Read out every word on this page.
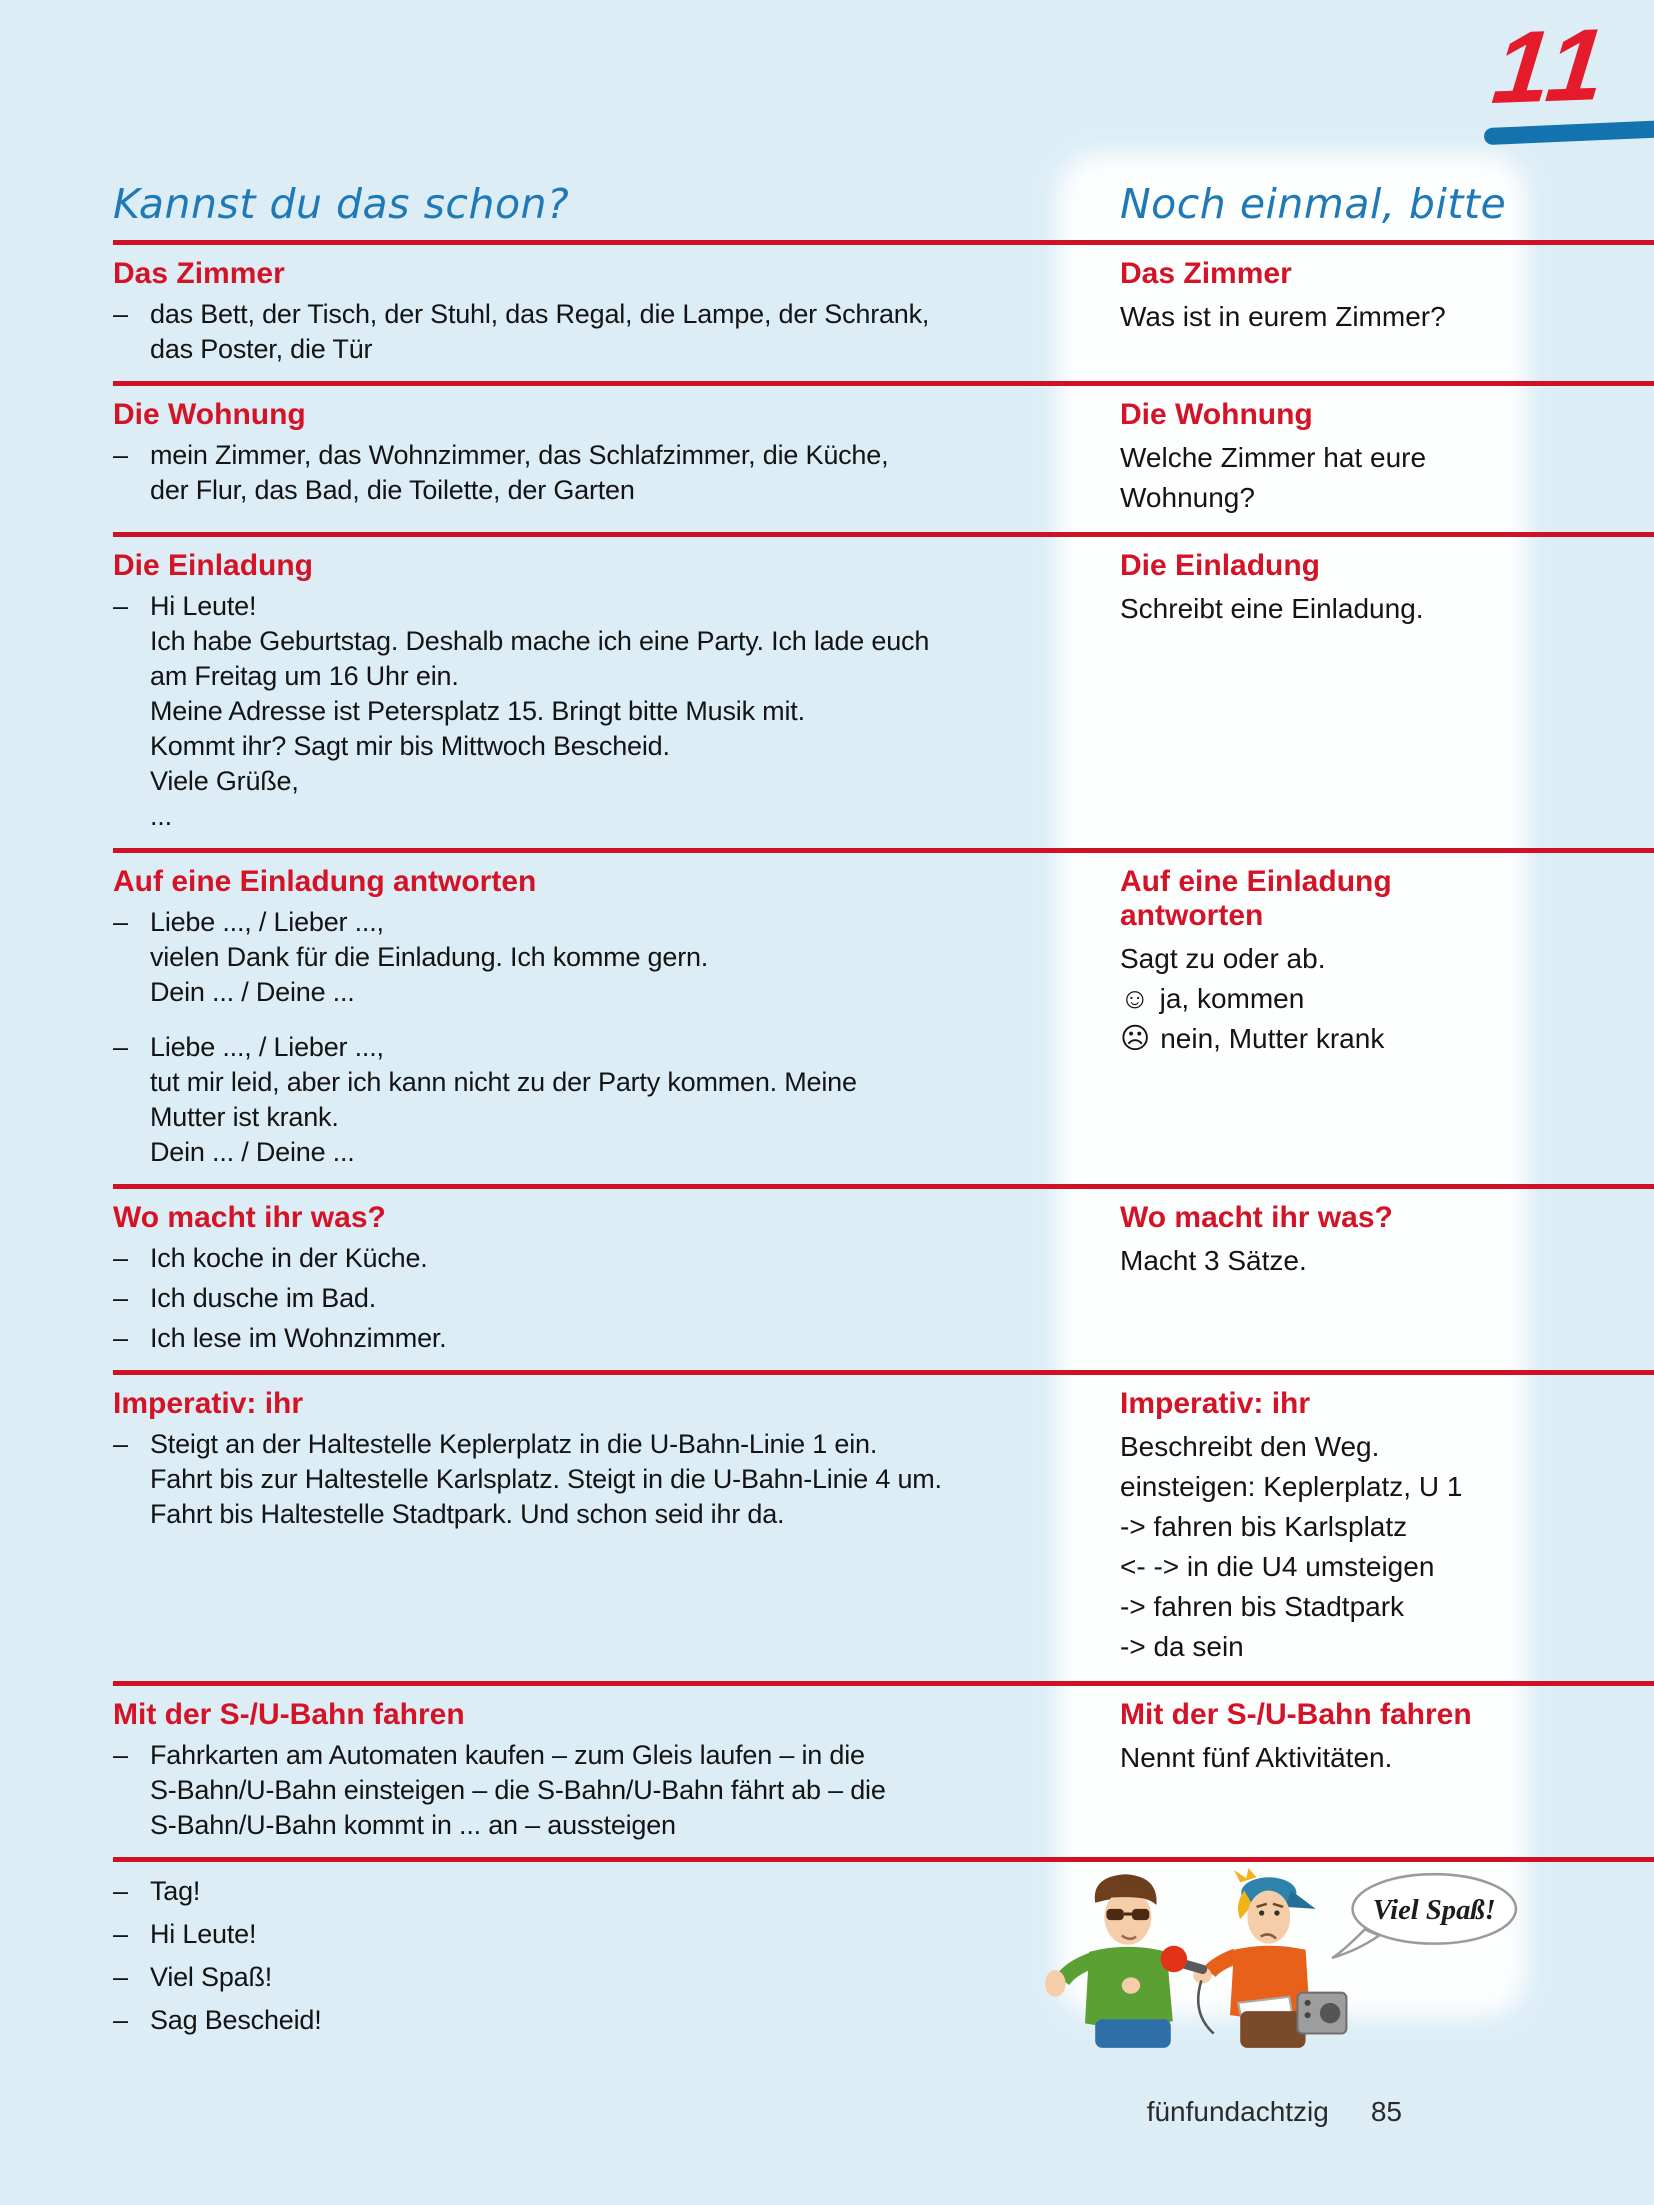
11
Kannst du das schon?	Noch einmal, bitte
Das Zimmer
– das Bett, der Tisch, der Stuhl, das Regal, die Lampe, der Schrank,
das Poster, die Tür
Das Zimmer
Was ist in eurem Zimmer?
Die Wohnung
– mein Zimmer, das Wohnzimmer, das Schlafzimmer, die Küche,
der Flur, das Bad, die Toilette, der Garten
Die Wohnung
Welche Zimmer hat eure Wohnung?
Die Einladung
– Hi Leute!
Ich habe Geburtstag. Deshalb mache ich eine Party. Ich lade euch
am Freitag um 16 Uhr ein.
Meine Adresse ist Petersplatz 15. Bringt bitte Musik mit.
Kommt ihr? Sagt mir bis Mittwoch Bescheid.
Viele Grüße,
...
Die Einladung
Schreibt eine Einladung.
Auf eine Einladung antworten
– Liebe ..., / Lieber ...,
vielen Dank für die Einladung. Ich komme gern.
Dein ... / Deine ...
– Liebe ..., / Lieber ...,
tut mir leid, aber ich kann nicht zu der Party kommen. Meine
Mutter ist krank.
Dein ... / Deine ...
Auf eine Einladung antworten
Sagt zu oder ab.
☺ ja, kommen
☹ nein, Mutter krank
Wo macht ihr was?
– Ich koche in der Küche.
– Ich dusche im Bad.
– Ich lese im Wohnzimmer.
Wo macht ihr was?
Macht 3 Sätze.
Imperativ: ihr
– Steigt an der Haltestelle Keplerplatz in die U-Bahn-Linie 1 ein.
Fahrt bis zur Haltestelle Karlsplatz. Steigt in die U-Bahn-Linie 4 um.
Fahrt bis Haltestelle Stadtpark. Und schon seid ihr da.
Imperativ: ihr
Beschreibt den Weg.
einsteigen: Keplerplatz, U 1
-> fahren bis Karlsplatz
<- -> in die U4 umsteigen
-> fahren bis Stadtpark
-> da sein
Mit der S-/U-Bahn fahren
– Fahrkarten am Automaten kaufen – zum Gleis laufen – in die
S-Bahn/U-Bahn einsteigen – die S-Bahn/U-Bahn fährt ab – die
S-Bahn/U-Bahn kommt in ... an – aussteigen
Mit der S-/U-Bahn fahren
Nennt fünf Aktivitäten.
– Tag!
– Hi Leute!
– Viel Spaß!
– Sag Bescheid!
Viel Spaß!
fünfundachtzig 85
